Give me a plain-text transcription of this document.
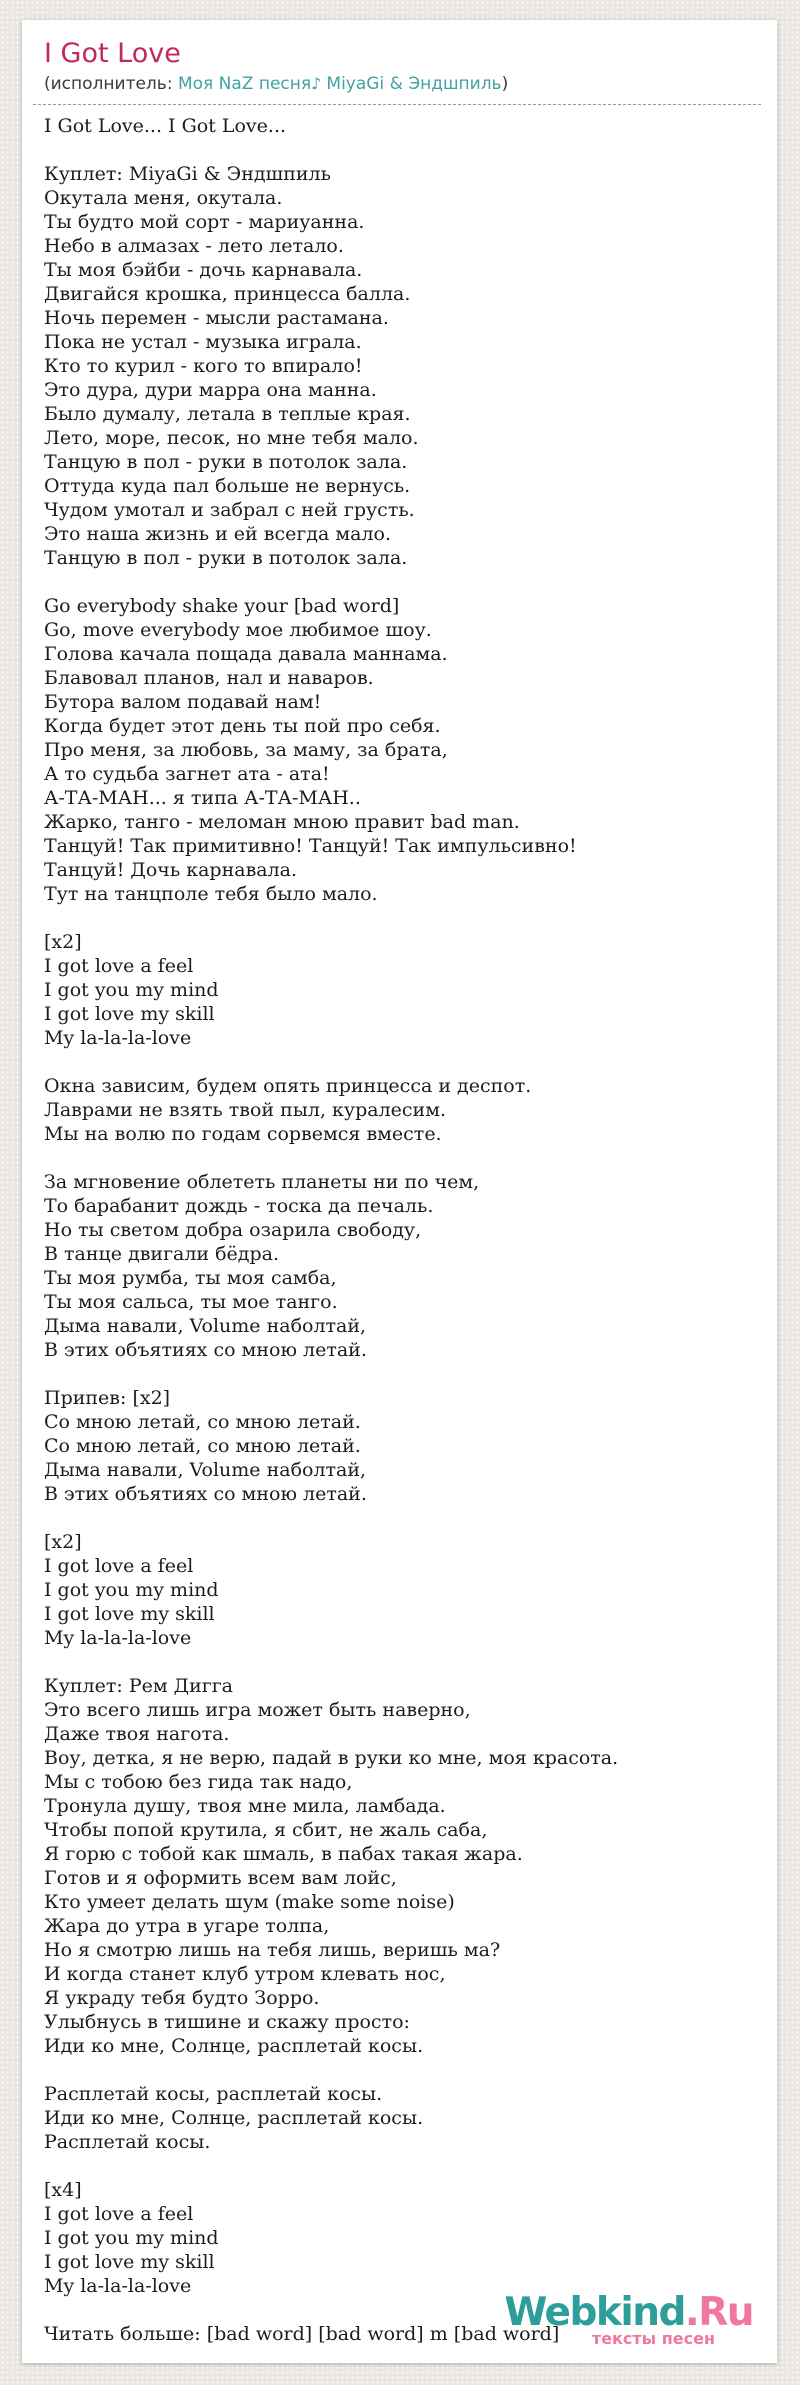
I Got Love
(исполнитель: Моя NaZ песня♪ MiyaGi & Эндшпиль)
I Got Love... I Got Love...

Куплет: MiyaGi & Эндшпиль
Окутала меня, окутала.
Ты будто мой сорт - мариуанна.
Небо в алмазах - лето летало.
Ты моя бэйби - дочь карнавала.
Двигайся крошка, принцесса балла.
Ночь перемен - мысли растамана.
Пока не устал - музыка играла.
Кто то курил - кого то впирало!
Это дура, дури марра она манна.
Было думалу, летала в теплые края.
Лето, море, песок, но мне тебя мало.
Танцую в пол - руки в потолок зала.
Оттуда куда пал больше не вернусь.
Чудом умотал и забрал с ней грусть.
Это наша жизнь и ей всегда мало.
Танцую в пол - руки в потолок зала.

Go everybody shake your [bad word]
Go, move everybody мое любимое шоу.
Голова качала пощада давала маннама.
Блавовал планов, нал и наваров.
Бутора валом подавай нам!
Когда будет этот день ты пой про себя.
Про меня, за любовь, за маму, за брата,
А то судьба загнет ата - ата!
А-ТА-МАН... я типа А-ТА-МАН..
Жарко, танго - меломан мною правит bad man.
Танцуй! Так примитивно! Танцуй! Так импульсивно!
Танцуй! Дочь карнавала.
Тут на танцполе тебя было мало.

[x2]
I got love a feel
I got you my mind
I got love my skill
My la-la-la-love

Окна зависим, будем опять принцесса и деспот.
Лаврами не взять твой пыл, куралесим.
Мы на волю по годам сорвемся вместе.

За мгновение облететь планеты ни по чем,
То барабанит дождь - тоска да печаль.
Но ты светом добра озарила свободу,
В танце двигали бёдра.
Ты моя румба, ты моя самба,
Ты моя сальса, ты мое танго.
Дыма навали, Volume наболтай,
В этих объятиях со мною летай.

Припев: [x2]
Со мною летай, со мною летай.
Со мною летай, со мною летай.
Дыма навали, Volume наболтай,
В этих объятиях со мною летай.

[x2]
I got love a feel
I got you my mind
I got love my skill
My la-la-la-love

Куплет: Рем Дигга
Это всего лишь игра может быть наверно,
Даже твоя нагота.
Воу, детка, я не верю, падай в руки ко мне, моя красота.
Мы с тобою без гида так надо,
Тронула душу, твоя мне мила, ламбада.
Чтобы попой крутила, я сбит, не жаль саба,
Я горю с тобой как шмаль, в пабах такая жара.
Готов и я оформить всем вам лойс,
Кто умеет делать шум (make some noise)
Жара до утра в угаре толпа,
Но я смотрю лишь на тебя лишь, веришь ма?
И когда станет клуб утром клевать нос,
Я украду тебя будто Зорро.
Улыбнусь в тишине и скажу просто:
Иди ко мне, Солнце, расплетай косы.

Расплетай косы, расплетай косы.
Иди ко мне, Солнце, расплетай косы.
Расплетай косы.

[x4]
I got love a feel
I got you my mind
I got love my skill
My la-la-la-love

Читать больше: [bad word] [bad word] m [bad word]
Webkind.Ru
тексты песен
